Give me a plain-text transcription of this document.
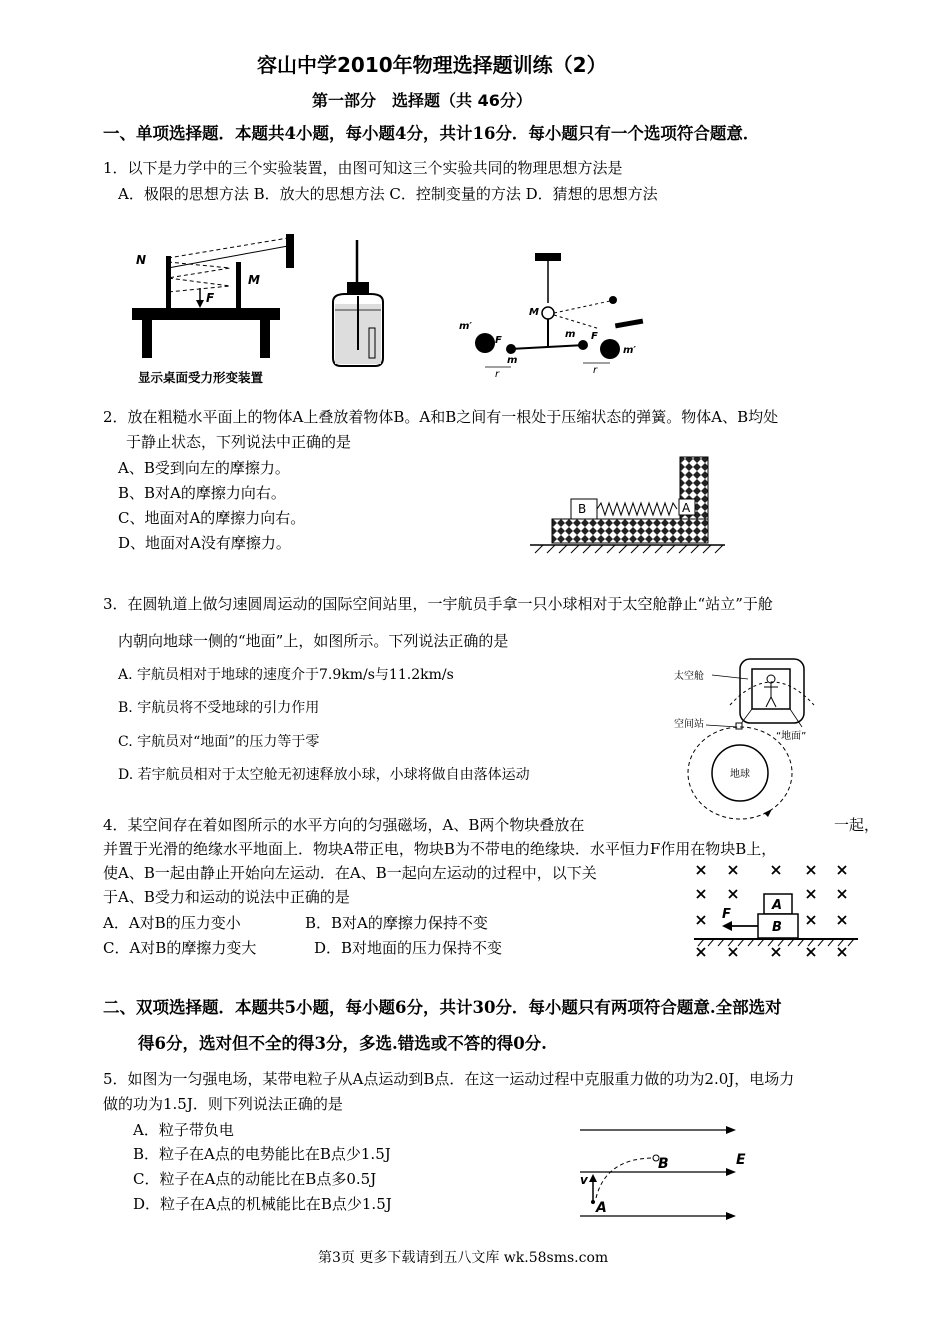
容山中学2010年物理选择题训练（2）
第一部分　选择题（共 46分）
一、单项选择题．本题共4小题，每小题4分，共计16分．每小题只有一个选项符合题意．
1．以下是力学中的三个实验装置，由图可知这三个实验共同的物理思想方法是
A．极限的思想方法 B．放大的思想方法 C．控制变量的方法 D．猜想的思想方法
N
M
F
显示桌面受力形变装置
M
m′
m′
m
m
F	F
r	r
2．放在粗糙水平面上的物体A上叠放着物体B。A和B之间有一根处于压缩状态的弹簧。物体A、B均处
于静止状态，下列说法中正确的是
A、B受到向左的摩擦力。
B、B对A的摩擦力向右。
C、地面对A的摩擦力向右。
D、地面对A没有摩擦力。
A
B
3．在圆轨道上做匀速圆周运动的国际空间站里，一宇航员手拿一只小球相对于太空舱静止“站立”于舱
内朝向地球一侧的“地面”上，如图所示。下列说法正确的是
A. 宇航员相对于地球的速度介于7.9km/s与11.2km/s
B. 宇航员将不受地球的引力作用
C. 宇航员对“地面”的压力等于零
D. 若宇航员相对于太空舱无初速释放小球，小球将做自由落体运动
太空舱
空间站
“地面”
地球
4．某空间存在着如图所示的水平方向的匀强磁场，A、B两个物块叠放在	一起，
并置于光滑的绝缘水平地面上．物块A带正电，物块B为不带电的绝缘块．水平恒力F作用在物块B上，
使A、B一起由静止开始向左运动．在A、B一起向左运动的过程中，以下关
于A、B受力和运动的说法中正确的是
A．A对B的压力变小	B．B对A的摩擦力保持不变
C．A对B的摩擦力变大	D．B对地面的压力保持不变
A
B
F
二、双项选择题．本题共5小题，每小题6分，共计30分．每小题只有两项符合题意.全部选对
得6分，选对但不全的得3分，多选.错选或不答的得0分.
5．如图为一匀强电场，某带电粒子从A点运动到B点．在这一运动过程中克服重力做的功为2.0J，电场力
做的功为1.5J．则下列说法正确的是
A．粒子带负电
B．粒子在A点的电势能比在B点少1.5J
C．粒子在A点的动能比在B点多0.5J
D．粒子在A点的机械能比在B点少1.5J
E
B
v
A
第3页 更多下载请到五八文库 wk.58sms.com
